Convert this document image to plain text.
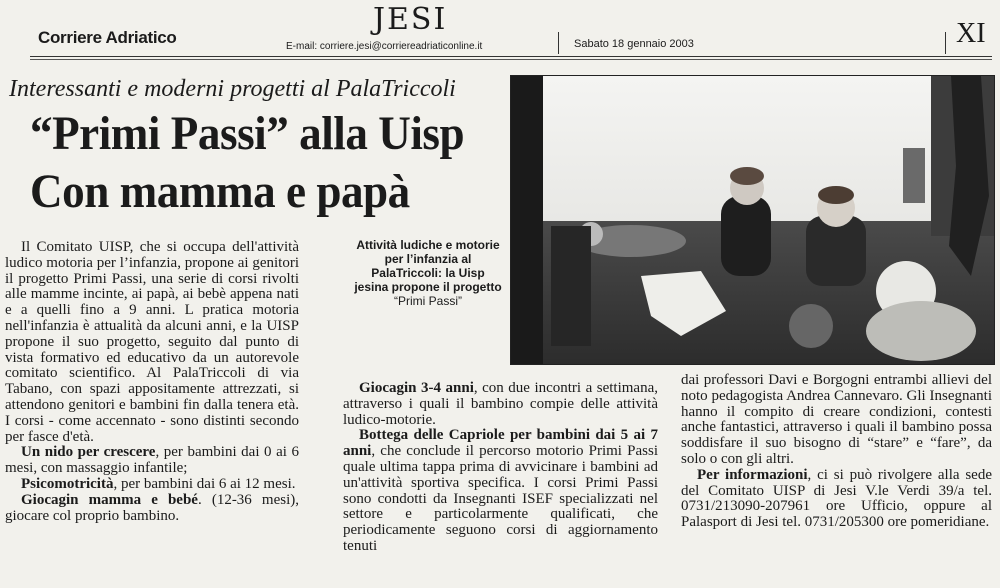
Corriere Adriatico
JESI
E-mail: corriere.jesi@corriereadriaticonline.it	Sabato 18 gennaio 2003	XI
Interessanti e moderni progetti al PalaTriccoli
“Primi Passi” alla Uisp
Con mamma e papà
Attività ludiche e motorie per l’infanzia al PalaTriccoli: la Uisp jesina propone il progetto
“Primi Passi”

Il Comitato UISP, che si occupa dell'attività ludico motoria per l’infanzia, propone ai genitori il progetto Primi Passi, una serie di corsi rivolti alle mamme incinte, ai papà, ai bebè appena nati e a quelli fino a 9 anni. L pratica motoria nell'infanzia è attualità da alcuni anni, e la UISP propone il suo progetto, seguito dal punto di vista formativo ed educativo da un autorevole comitato scientifico. Al PalaTriccoli di via Tabano, con spazi appositamente attrezzati, si attendono genitori e bambini fin dalla tenera età. I corsi - come accennato - sono distinti secondo per fasce d'età.

Un nido per crescere, per bambini dai 0 ai 6 mesi, con massaggio infantile;

Psicomotricità, per bambini dai 6 ai 12 mesi.

Giocagin mamma e bebé. (12-36 mesi), giocare col proprio bambino.

Giocagin 3-4 anni, con due incontri a settimana, attraverso i quali il bambino compie delle attività ludico-motorie.

Bottega delle Capriole per bambini dai 5 ai 7 anni, che conclude il percorso motorio Primi Passi quale ultima tappa prima di avvicinare i bambini ad un'attività sportiva specifica. I corsi Primi Passi sono condotti da Insegnanti ISEF specializzati nel settore e particolarmente qualificati, che periodicamente seguono corsi di aggiornamento tenuti

dai professori Davi e Borgogni entrambi allievi del noto pedagogista Andrea Cannevaro. Gli Insegnanti hanno il compito di creare condizioni, contesti anche fantastici, attraverso i quali il bambino possa soddisfare il suo bisogno di “stare” e “fare”, da solo o con gli altri.

Per informazioni, ci si può rivolgere alla sede del Comitato UISP di Jesi V.le Verdi 39/a tel. 0731/213090-207961 ore Ufficio, oppure al Palasport di Jesi tel. 0731/205300 ore pomeridiane.
